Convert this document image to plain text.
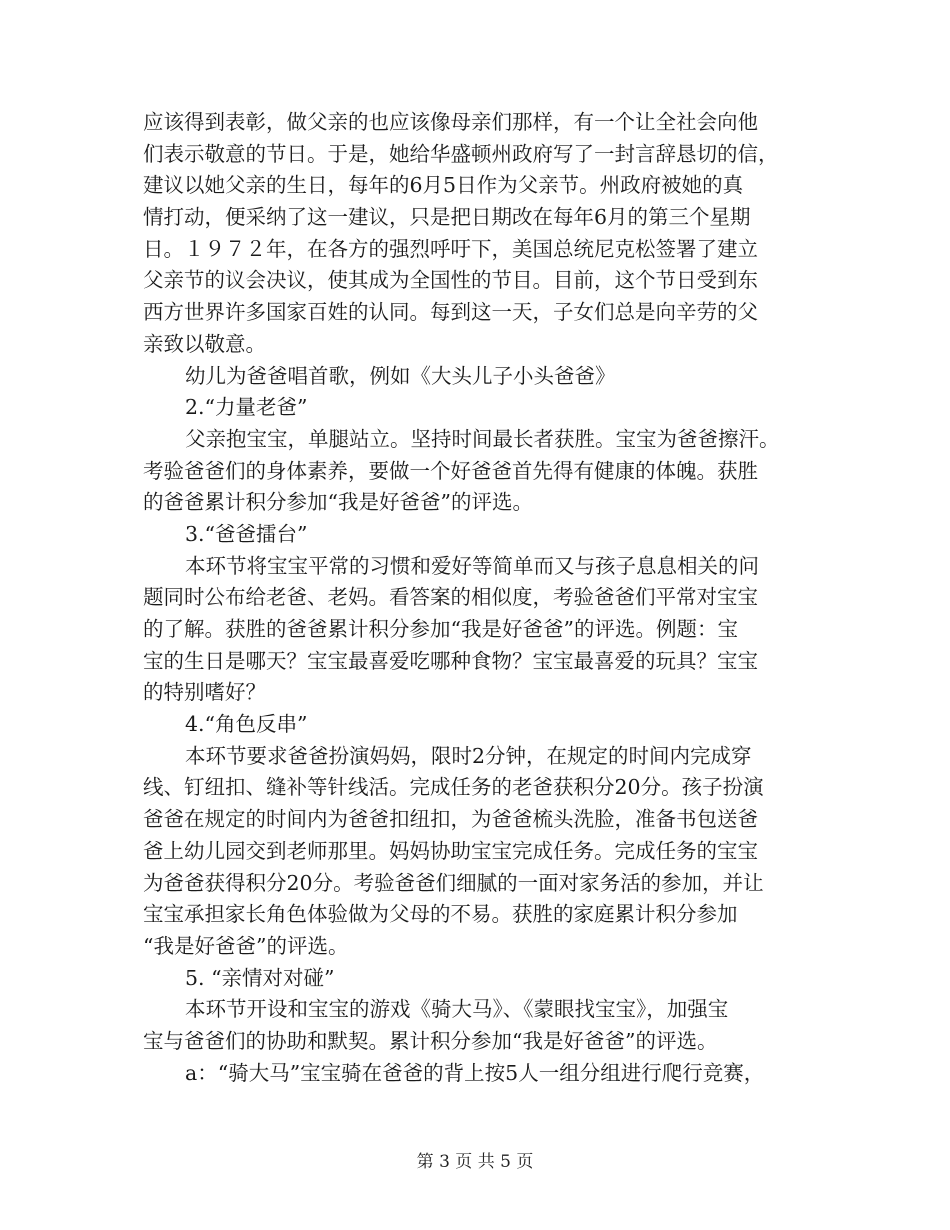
应该得到表彰，做父亲的也应该像母亲们那样，有一个让全社会向他
们表示敬意的节日。于是，她给华盛顿州政府写了一封言辞恳切的信，
建议以她父亲的生日，每年的6月5日作为父亲节。州政府被她的真
情打动，便采纳了这一建议，只是把日期改在每年6月的第三个星期
日。１９７２年，在各方的强烈呼吁下，美国总统尼克松签署了建立
父亲节的议会决议，使其成为全国性的节目。目前，这个节日受到东
西方世界许多国家百姓的认同。每到这一天，子女们总是向辛劳的父
亲致以敬意。
幼儿为爸爸唱首歌，例如《大头儿子小头爸爸》
2.“力量老爸”
父亲抱宝宝，单腿站立。坚持时间最长者获胜。宝宝为爸爸擦汗。
考验爸爸们的身体素养，要做一个好爸爸首先得有健康的体魄。获胜
的爸爸累计积分参加“我是好爸爸”的评选。
3.“爸爸擂台”
本环节将宝宝平常的习惯和爱好等简单而又与孩子息息相关的问
题同时公布给老爸、老妈。看答案的相似度，考验爸爸们平常对宝宝
的了解。获胜的爸爸累计积分参加“我是好爸爸”的评选。例题：宝
宝的生日是哪天？宝宝最喜爱吃哪种食物？宝宝最喜爱的玩具？宝宝
的特别嗜好？
4.“角色反串”
本环节要求爸爸扮演妈妈，限时2分钟，在规定的时间内完成穿
线、钉纽扣、缝补等针线活。完成任务的老爸获积分20分。孩子扮演
爸爸在规定的时间内为爸爸扣纽扣，为爸爸梳头洗脸，准备书包送爸
爸上幼儿园交到老师那里。妈妈协助宝宝完成任务。完成任务的宝宝
为爸爸获得积分20分。考验爸爸们细腻的一面对家务活的参加，并让
宝宝承担家长角色体验做为父母的不易。获胜的家庭累计积分参加
“我是好爸爸”的评选。
5. “亲情对对碰”
本环节开设和宝宝的游戏《骑大马》、《蒙眼找宝宝》，加强宝
宝与爸爸们的协助和默契。累计积分参加“我是好爸爸”的评选。
a：“骑大马”宝宝骑在爸爸的背上按5人一组分组进行爬行竞赛，
第 3 页 共 5 页
